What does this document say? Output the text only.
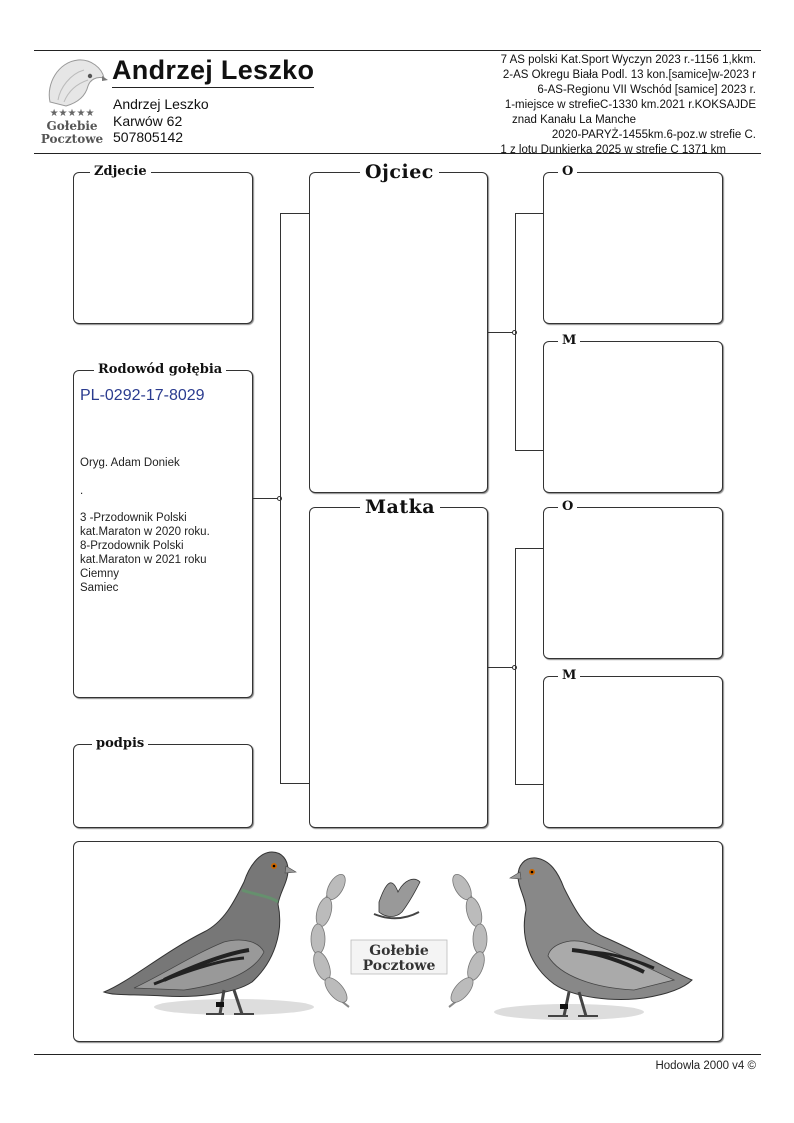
★★★★★
Gołebie
Pocztowe
Andrzej Leszko
Andrzej Leszko
Karwów 62
507805142
7 AS polski Kat.Sport Wyczyn 2023 r.-1156 1,kkm.
2-AS Okregu Biała Podl. 13 kon.[samice]w-2023 r
6-AS-Regionu VII Wschód [samice] 2023 r.
1-miejsce w strefieC-1330 km.2021 r.KOKSAJDE
znad Kanału La Manche
2020-PARYŻ-1455km.6-poz.w strefie C.
1 z lotu Dunkierka 2025 w strefie C 1371 km
Zdjecie
Rodowód gołębia
PL-0292-17-8029
Oryg. Adam Doniek
.
3 -Przodownik Polski
kat.Maraton w 2020 roku.
8-Przodownik Polski
kat.Maraton w 2021 roku
Ciemny
Samiec
podpis
Ojciec
Matka
O
M
O
M
Gołebie
Pocztowe
Hodowla 2000 v4 ©
